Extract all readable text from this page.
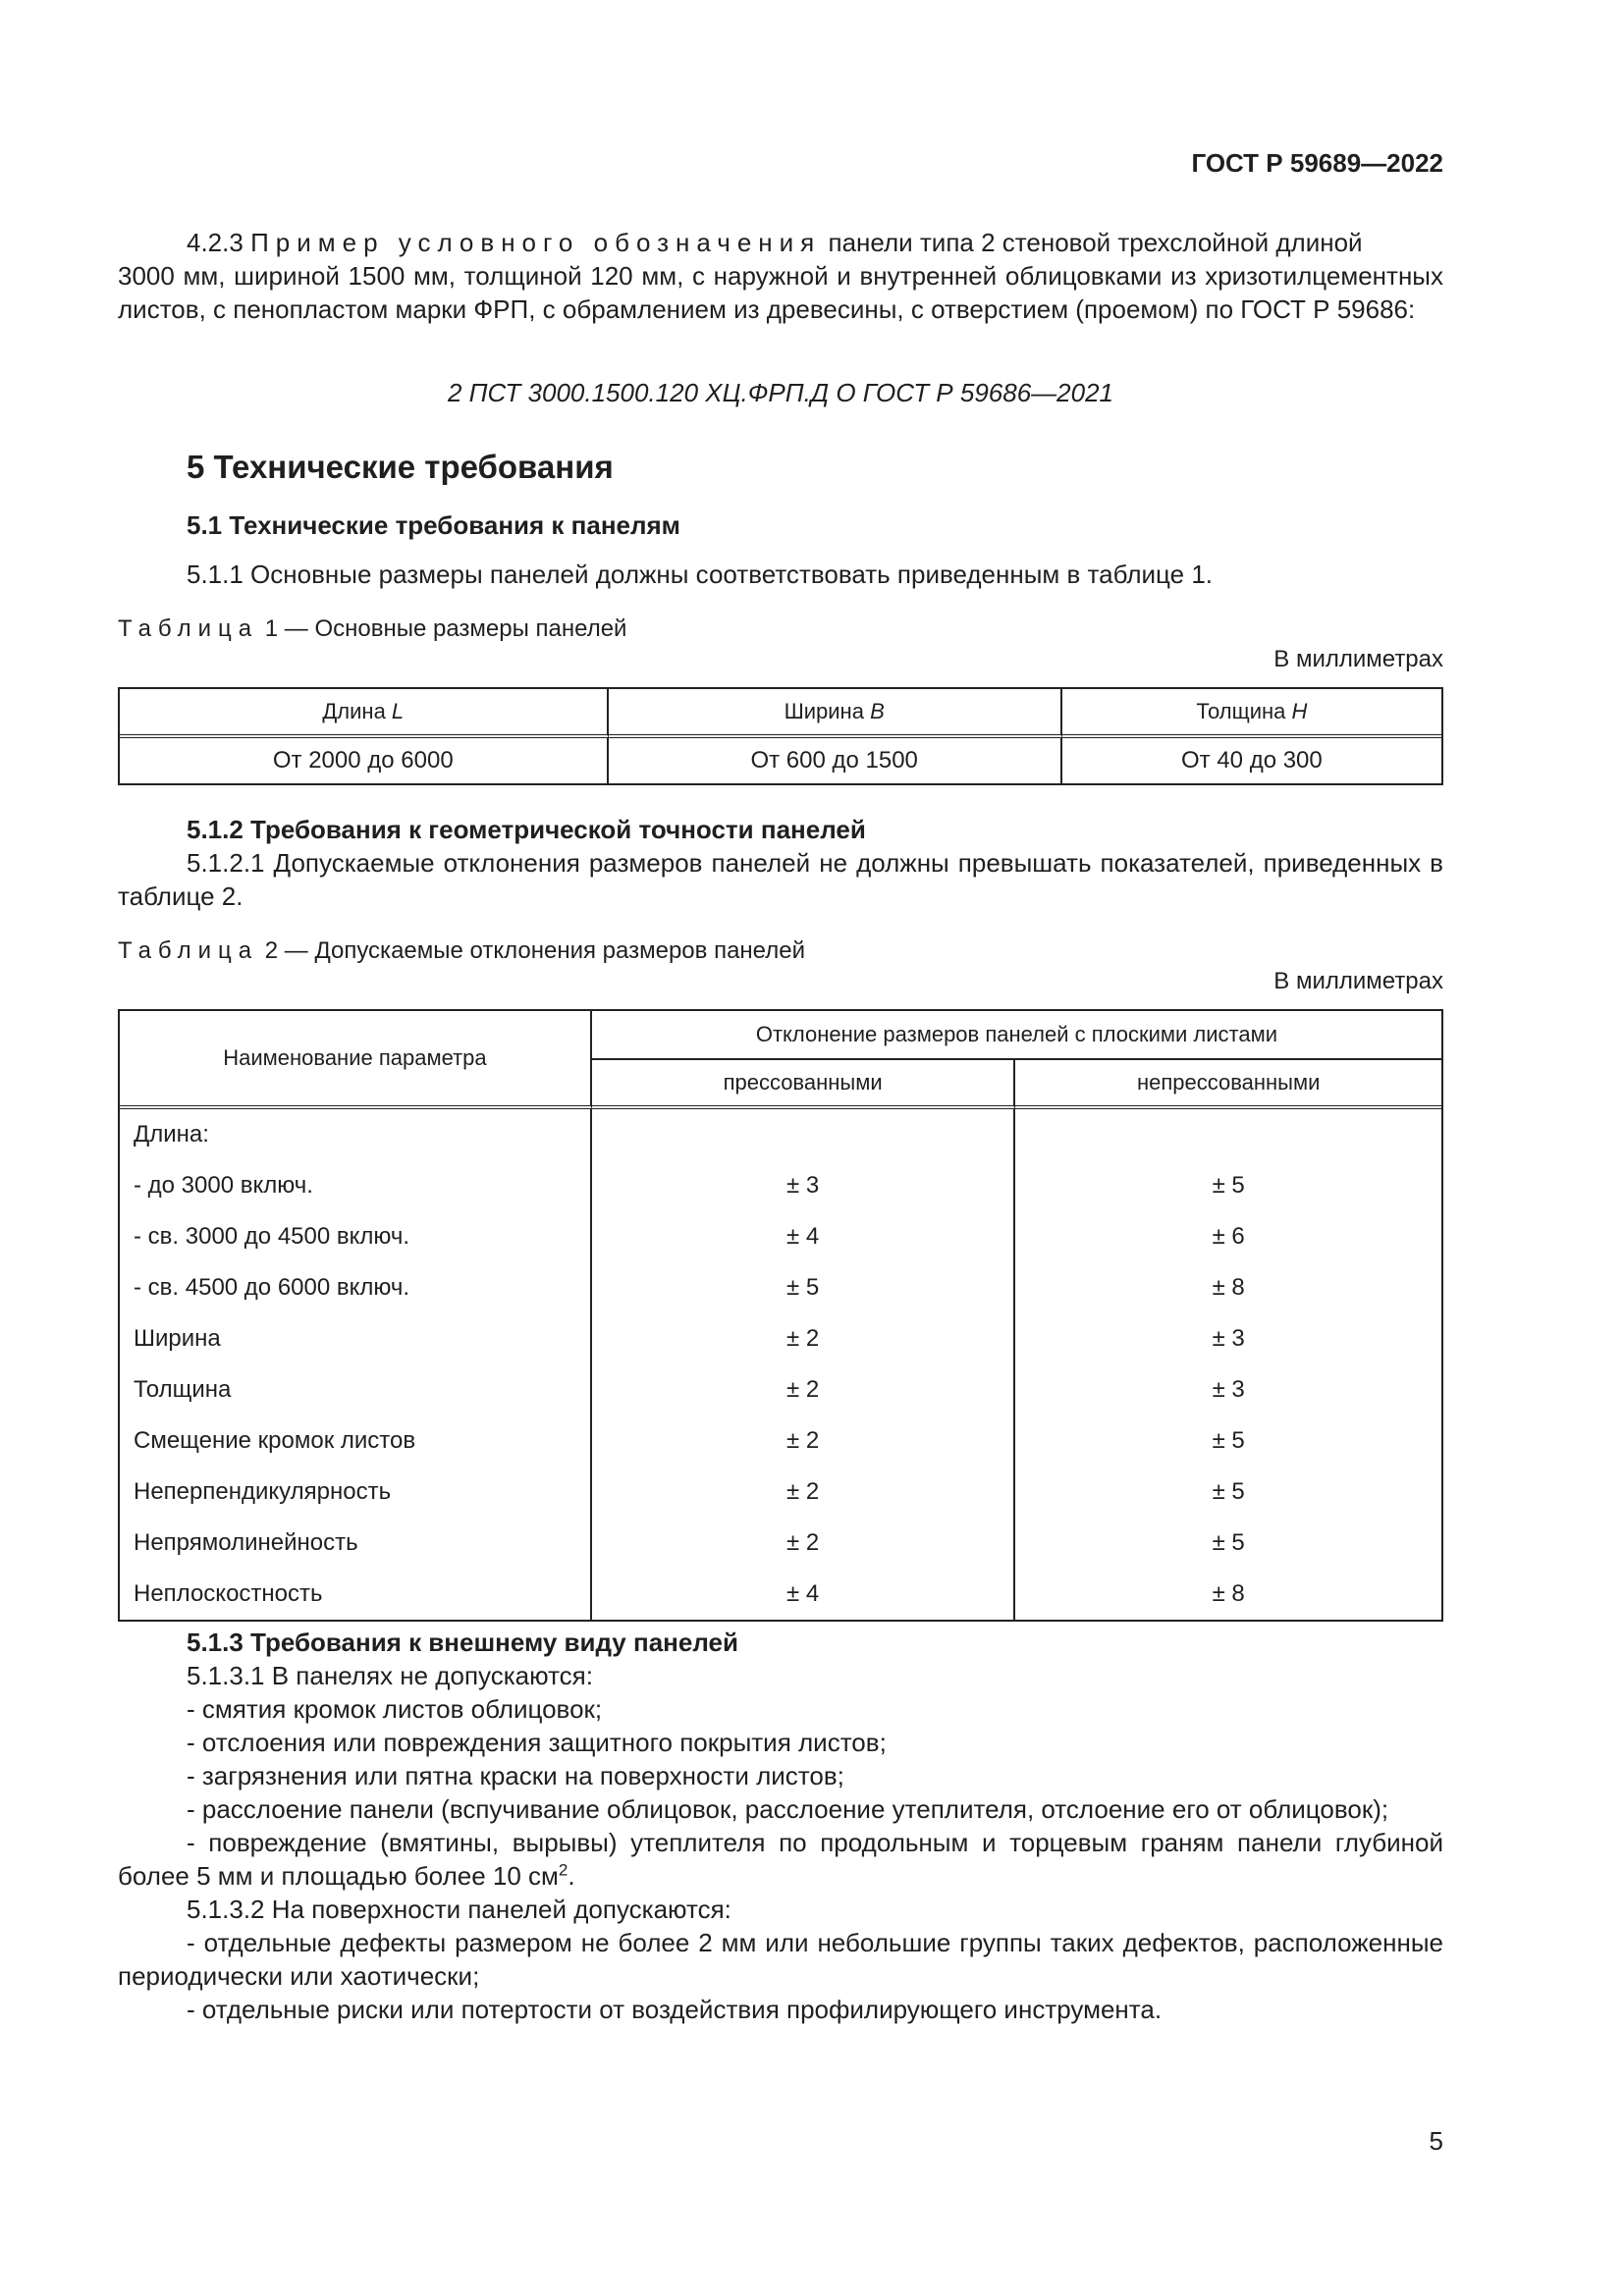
ГОСТ Р 59689—2022
4.2.3 Пример условного обозначения панели типа 2 стеновой трехслойной длиной
3000 мм, шириной 1500 мм, толщиной 120 мм, с наружной и внутренней облицовками из хризотилцементных листов, с пенопластом марки ФРП, с обрамлением из древесины, с отверстием (проемом) по ГОСТ Р 59686:
2 ПСТ 3000.1500.120 ХЦ.ФРП.Д О ГОСТ Р 59686—2021
5 Технические требования
5.1 Технические требования к панелям
5.1.1 Основные размеры панелей должны соответствовать приведенным в таблице 1.
Таблица 1 — Основные размеры панелей
В миллиметрах
Длина L	Ширина B	Толщина H
От 2000 до 6000	От 600 до 1500	От 40 до 300
5.1.2 Требования к геометрической точности панелей
5.1.2.1 Допускаемые отклонения размеров панелей не должны превышать показателей, приведенных в таблице 2.
Таблица 2 — Допускаемые отклонения размеров панелей
В миллиметрах
Наименование параметра	Отклонение размеров панелей с плоскими листами	
	прессованными	непрессованными
Длина:		
- до 3000 включ.	± 3	± 5
- св. 3000 до 4500 включ.	± 4	± 6
- св. 4500 до 6000 включ.	± 5	± 8
Ширина	± 2	± 3
Толщина	± 2	± 3
Смещение кромок листов	± 2	± 5
Неперпендикулярность	± 2	± 5
Непрямолинейность	± 2	± 5
Неплоскостность	± 4	± 8
5.1.3 Требования к внешнему виду панелей
5.1.3.1 В панелях не допускаются:
- смятия кромок листов облицовок;
- отслоения или повреждения защитного покрытия листов;
- загрязнения или пятна краски на поверхности листов;
- расслоение панели (вспучивание облицовок, расслоение утеплителя, отслоение его от облицовок);
- повреждение (вмятины, вырывы) утеплителя по продольным и торцевым граням панели глубиной более 5 мм и площадью более 10 $см^2$.
5.1.3.2 На поверхности панелей допускаются:
- отдельные дефекты размером не более 2 мм или небольшие группы таких дефектов, расположенные периодически или хаотически;
- отдельные риски или потертости от воздействия профилирующего инструмента.
5
